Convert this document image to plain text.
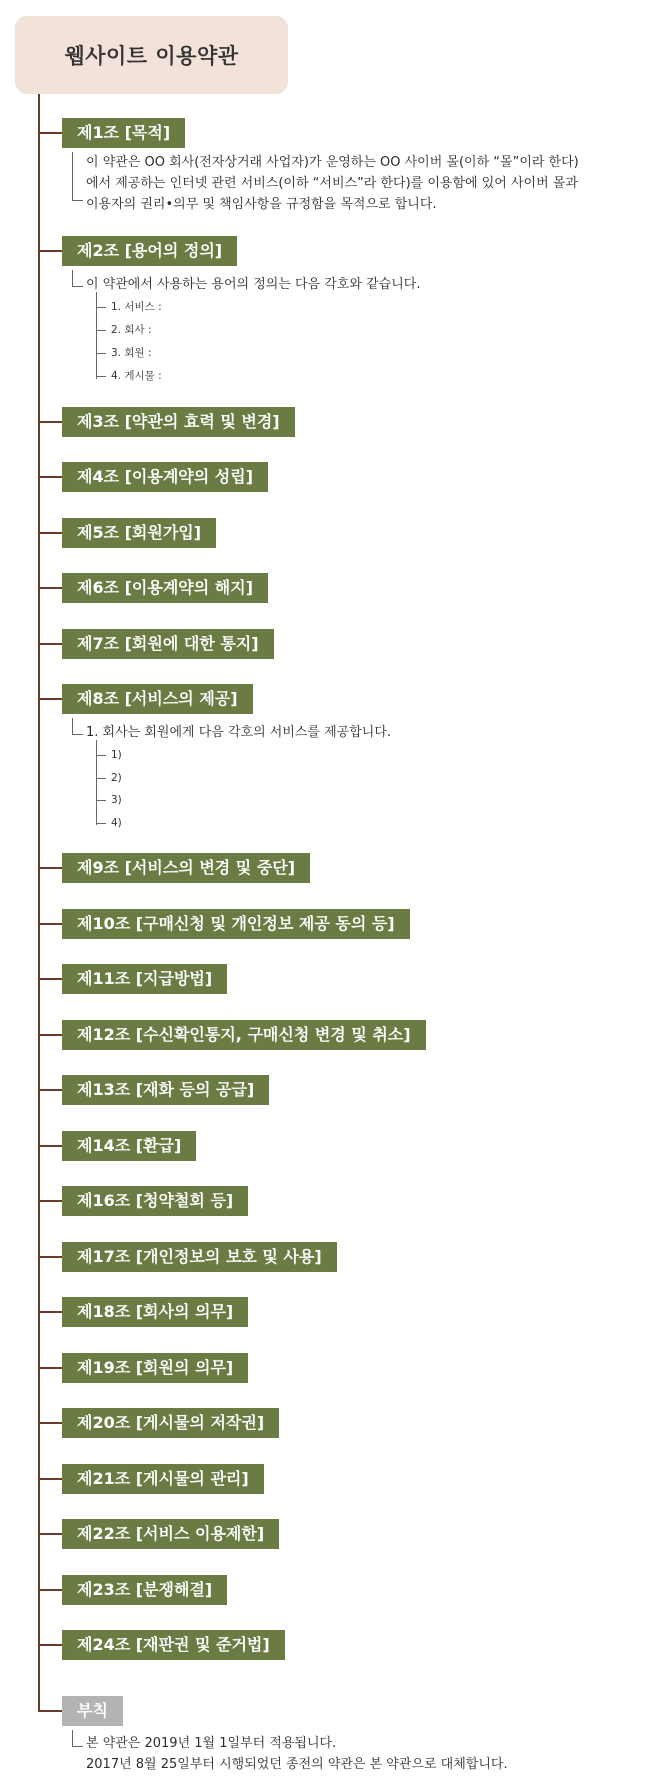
웹사이트 이용약관
제1조 [목적]
제2조 [용어의 정의]
제3조 [약관의 효력 및 변경]
제4조 [이용계약의 성립]
제5조 [회원가입]
제6조 [이용계약의 해지]
제7조 [회원에 대한 통지]
제8조 [서비스의 제공]
제9조 [서비스의 변경 및 중단]
제10조 [구매신청 및 개인정보 제공 동의 등]
제11조 [지급방법]
제12조 [수신확인통지, 구매신청 변경 및 취소]
제13조 [재화 등의 공급]
제14조 [환급]
제16조 [청약철회 등]
제17조 [개인정보의 보호 및 사용]
제18조 [회사의 의무]
제19조 [회원의 의무]
제20조 [게시물의 저작권]
제21조 [게시물의 관리]
제22조 [서비스 이용제한]
제23조 [분쟁해결]
제24조 [재판권 및 준거법]
부칙
이 약관은 OO 회사(전자상거래 사업자)가 운영하는 OO 사이버 몰(이하 “몰”이라 한다)
에서 제공하는 인터넷 관련 서비스(이하 “서비스”라 한다)를 이용함에 있어 사이버 몰과
이용자의 권리•의무 및 책임사항을 규정함을 목적으로 합니다.
이 약관에서 사용하는 용어의 정의는 다음 각호와 같습니다.
1. 서비스 :
2. 회사 :
3. 회원 :
4. 게시물 :
1. 회사는 회원에게 다음 각호의 서비스를 제공합니다.
1)
2)
3)
4)
본 약관은 2019년 1월 1일부터 적용됩니다.
2017년 8월 25일부터 시행되었던 종전의 약관은 본 약관으로 대체합니다.
